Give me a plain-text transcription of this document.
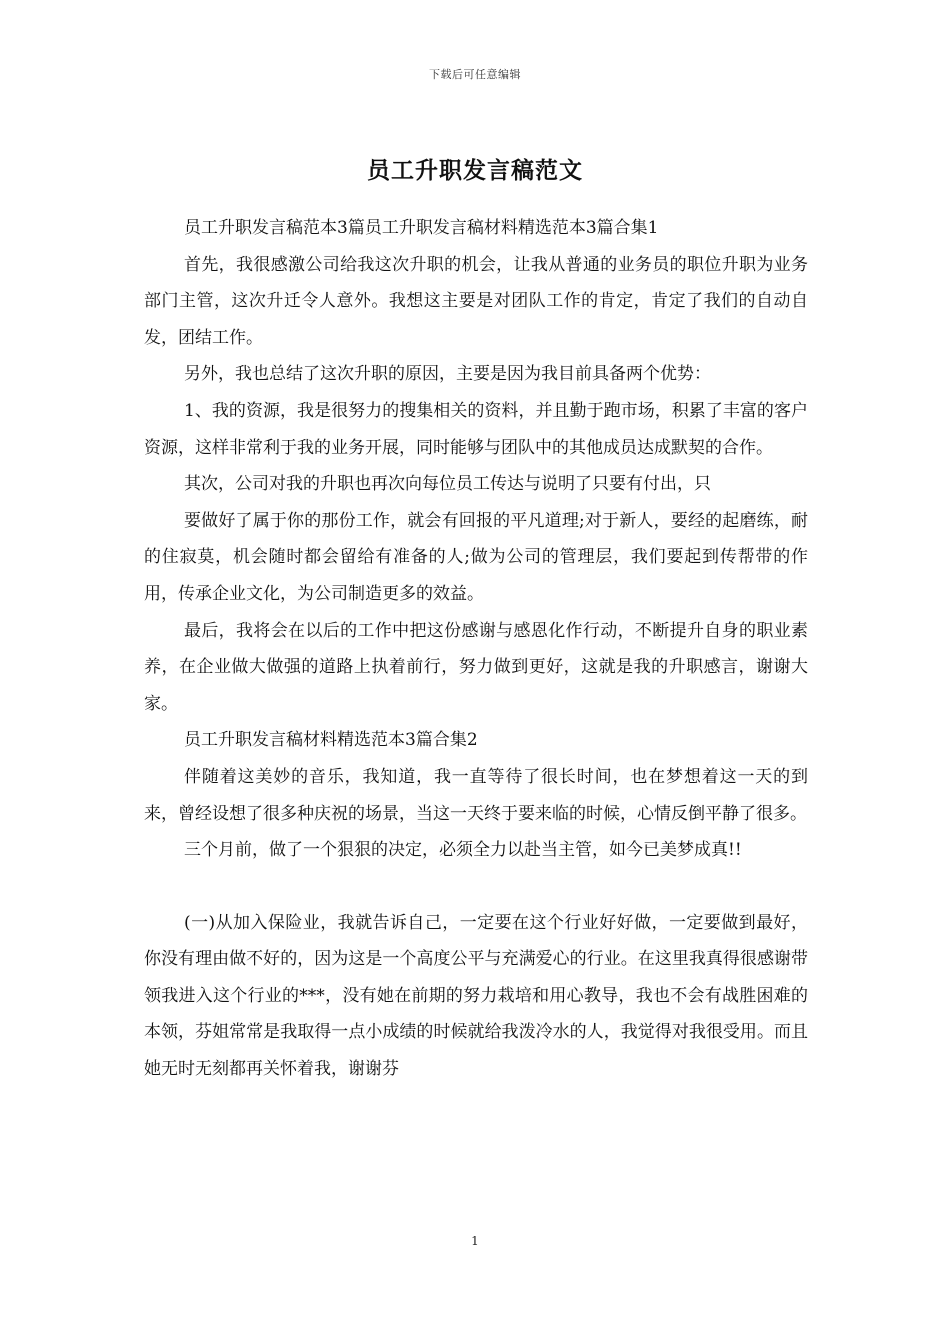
下载后可任意编辑
员工升职发言稿范文

员工升职发言稿范本3篇员工升职发言稿材料精选范本3篇合集1

首先，我很感激公司给我这次升职的机会，让我从普通的业务员的职位升职为业务部门主管，这次升迁令人意外。我想这主要是对团队工作的肯定，肯定了我们的自动自发，团结工作。

另外，我也总结了这次升职的原因，主要是因为我目前具备两个优势：

1、我的资源，我是很努力的搜集相关的资料，并且勤于跑市场，积累了丰富的客户资源，这样非常利于我的业务开展，同时能够与团队中的其他成员达成默契的合作。

其次，公司对我的升职也再次向每位员工传达与说明了只要有付出，只

要做好了属于你的那份工作，就会有回报的平凡道理;对于新人，要经的起磨练，耐的住寂莫，机会随时都会留给有准备的人;做为公司的管理层，我们要起到传帮带的作用，传承企业文化，为公司制造更多的效益。

最后，我将会在以后的工作中把这份感谢与感恩化作行动，不断提升自身的职业素养，在企业做大做强的道路上执着前行，努力做到更好，这就是我的升职感言，谢谢大家。

员工升职发言稿材料精选范本3篇合集2

伴随着这美妙的音乐，我知道，我一直等待了很长时间，也在梦想着这一天的到来，曾经设想了很多种庆祝的场景，当这一天终于要来临的时候，心情反倒平静了很多。

三个月前，做了一个狠狠的决定，必须全力以赴当主管，如今已美梦成真!!

(一)从加入保险业，我就告诉自己，一定要在这个行业好好做，一定要做到最好，你没有理由做不好的，因为这是一个高度公平与充满爱心的行业。在这里我真得很感谢带领我进入这个行业的***，没有她在前期的努力栽培和用心教导，我也不会有战胜困难的本领，芬姐常常是我取得一点小成绩的时候就给我泼冷水的人，我觉得对我很受用。而且她无时无刻都再关怀着我，谢谢芬

1
